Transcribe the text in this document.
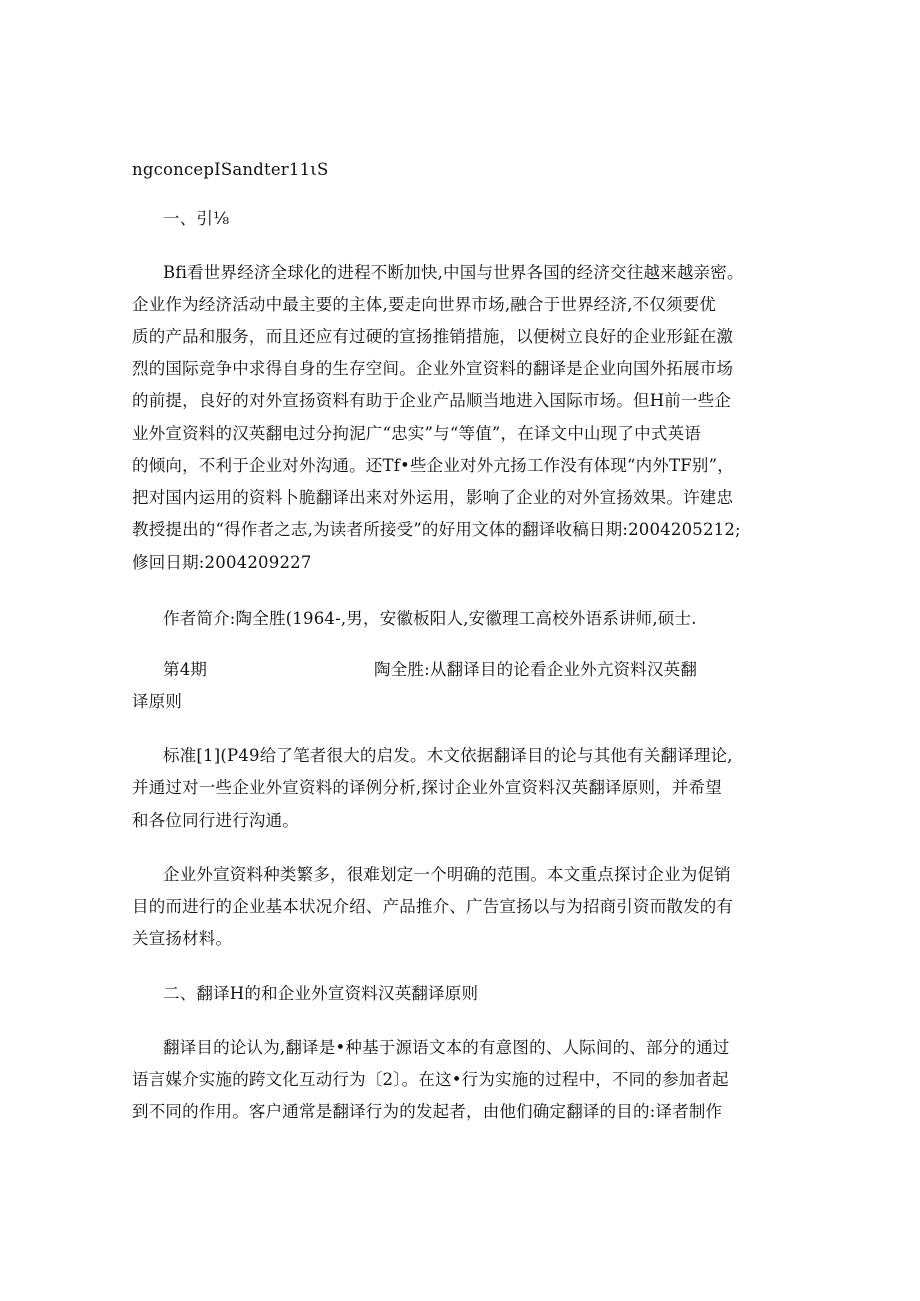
ngconcepISandter11ιS
一、引⅛
Bfi看世界经济全球化的进程不断加快,中国与世界各国的经济交往越来越亲密。
企业作为经济活动中最主要的主体,要走向世界市场,融合于世界经济,不仅须要优
质的产品和服务，而且还应有过硬的宣扬推销措施，以便树立良好的企业形鉦在激
烈的国际竞争中求得自身的生存空间。企业外宣资料的翻译是企业向国外拓展市场
的前提，良好的对外宣扬资料有助于企业产品顺当地进入国际市场。但H前一些企
业外宣资料的汉英翻电过分拘泥广“忠实”与“等值”，在译文中山现了中式英语
的倾向，不利于企业对外沟通。还Tf•些企业对外亢扬工作没有体现“内外TF别”，
把对国内运用的资料卜脆翻译出来对外运用，影响了企业的对外宣扬效果。许建忠
教授提出的“得作者之志,为读者所接受”的好用文体的翻译收稿日期:2004205212;
修回日期:2004209227
作者简介:陶全胜(1964-,男，安徽板阳人,安徽理工高校外语系讲师,硕士.
第4期	陶全胜:从翻译目的论看企业外亢资料汉英翻
译原则
标准[1](P49给了笔者很大的启发。木文依据翻译目的论与其他有关翻译理论,
并通过对一些企业外宣资料的译例分析,探讨企业外宣资料汉英翻译原则，并希望
和各位同行进行沟通。
企业外宣资料种类繁多，很难划定一个明确的范围。本文重点探讨企业为促销
目的而进行的企业基本状况介绍、产品推介、广告宣扬以与为招商引资而散发的有
关宣扬材料。
二、翻译H的和企业外宣资料汉英翻译原则
翻译目的论认为,翻译是•种基于源语文本的有意图的、人际间的、部分的通过
语言媒介实施的跨文化互动行为〔2〕。在这•行为实施的过程中，不同的参加者起
到不同的作用。客户通常是翻译行为的发起者，由他们确定翻译的目的:译者制作
